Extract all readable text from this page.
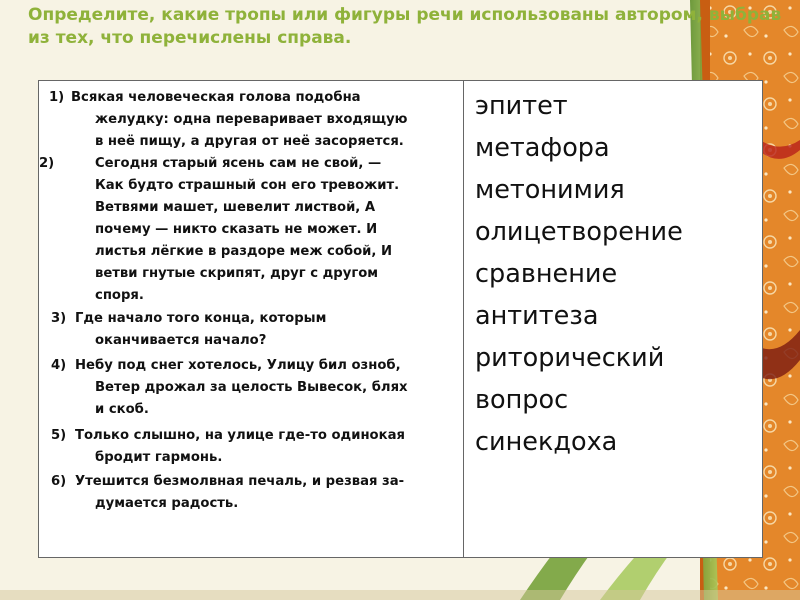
Определите, какие тропы или фигуры речи использованы автором, выбрав из тех, что перечислены справа.
1) Всякая человеческая голова подобна
желудку: одна переваривает входящую
в неё пищу, а другая от неё засоряется.
2)	Сегодня старый ясень сам не свой, —
Как будто страшный сон его тревожит.
Ветвями машет, шевелит листвой, А
почему — никто сказать не может. И
листья лёгкие в раздоре меж собой, И
ветви гнутые скрипят, друг с другом
споря.
3) Где начало того конца, которым
оканчивается начало?
4) Небу под снег хотелось, Улицу бил озноб,
Ветер дрожал за целость Вывесок, блях
и скоб.
5) Только слышно, на улице где-то одинокая
бродит гармонь.
6) Утешится безмолвная печаль, и резвая за-
думается радость.
эпитет
метафора
метонимия
олицетворение
сравнение
антитеза
риторический
вопрос
синекдоха
